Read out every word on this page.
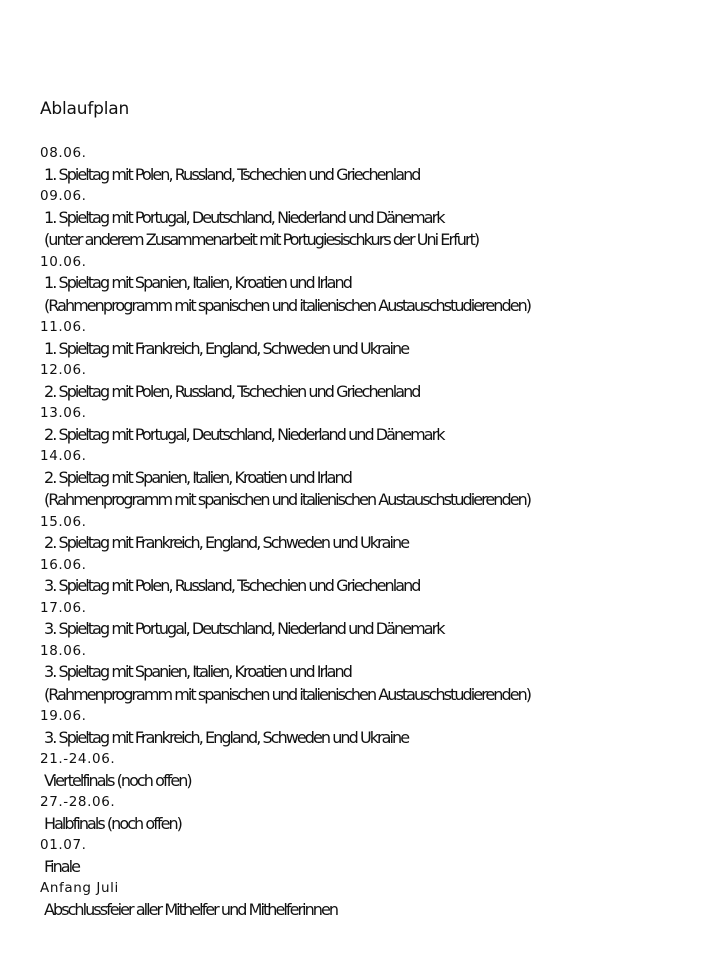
Ablaufplan
08.06.
1. Spieltag mit Polen, Russland, Tschechien und Griechenland
09.06.
1. Spieltag mit Portugal, Deutschland, Niederland und Dänemark
(unter anderem Zusammenarbeit mit Portugiesischkurs der Uni Erfurt)
10.06.
1. Spieltag mit Spanien, Italien, Kroatien und Irland
(Rahmenprogramm mit spanischen und italienischen Austauschstudierenden)
11.06.
1. Spieltag mit Frankreich, England, Schweden und Ukraine
12.06.
2. Spieltag mit Polen, Russland, Tschechien und Griechenland
13.06.
2. Spieltag mit Portugal, Deutschland, Niederland und Dänemark
14.06.
2. Spieltag mit Spanien, Italien, Kroatien und Irland
(Rahmenprogramm mit spanischen und italienischen Austauschstudierenden)
15.06.
2. Spieltag mit Frankreich, England, Schweden und Ukraine
16.06.
3. Spieltag mit Polen, Russland, Tschechien und Griechenland
17.06.
3. Spieltag mit Portugal, Deutschland, Niederland und Dänemark
18.06.
3. Spieltag mit Spanien, Italien, Kroatien und Irland
(Rahmenprogramm mit spanischen und italienischen Austauschstudierenden)
19.06.
3. Spieltag mit Frankreich, England, Schweden und Ukraine
21.-24.06.
Viertelfinals (noch offen)
27.-28.06.
Halbfinals (noch offen)
01.07.
Finale
Anfang Juli
Abschlussfeier aller Mithelfer und Mithelferinnen
